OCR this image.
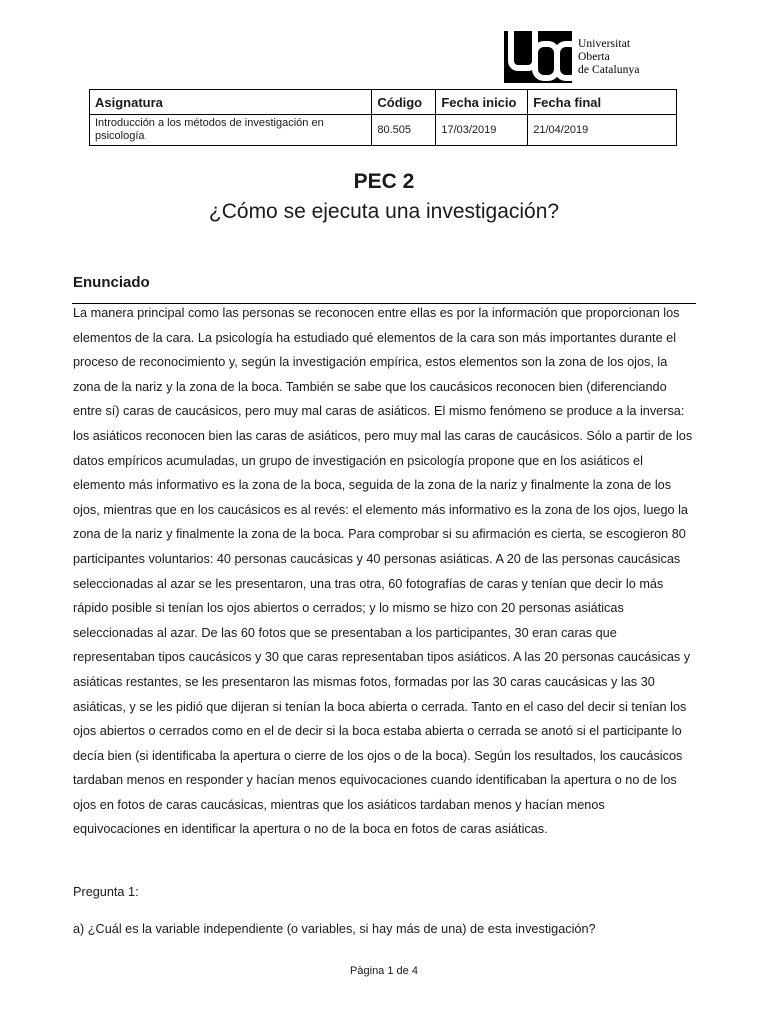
Universitat
Oberta
de Catalunya
Asignatura	Código	Fecha inicio	Fecha final
Introducción a los métodos de investigación en psicología	80.505	17/03/2019	21/04/2019
PEC 2
¿Cómo se ejecuta una investigación?
Enunciado
La manera principal como las personas se reconocen entre ellas es por la información que proporcionan los
elementos de la cara. La psicología ha estudiado qué elementos de la cara son más importantes durante el
proceso de reconocimiento y, según la investigación empírica, estos elementos son la zona de los ojos, la
zona de la nariz y la zona de la boca. También se sabe que los caucásicos reconocen bien (diferenciando
entre sí) caras de caucásicos, pero muy mal caras de asiáticos. El mismo fenómeno se produce a la inversa:
los asiáticos reconocen bien las caras de asiáticos, pero muy mal las caras de caucásicos. Sólo a partir de los
datos empíricos acumuladas, un grupo de investigación en psicología propone que en los asiáticos el
elemento más informativo es la zona de la boca, seguida de la zona de la nariz y finalmente la zona de los
ojos, mientras que en los caucásicos es al revés: el elemento más informativo es la zona de los ojos, luego la
zona de la nariz y finalmente la zona de la boca. Para comprobar si su afirmación es cierta, se escogieron 80
participantes voluntarios: 40 personas caucásicas y 40 personas asiáticas. A 20 de las personas caucásicas
seleccionadas al azar se les presentaron, una tras otra, 60 fotografías de caras y tenían que decir lo más
rápido posible si tenían los ojos abiertos o cerrados; y lo mismo se hizo con 20 personas asiáticas
seleccionadas al azar. De las 60 fotos que se presentaban a los participantes, 30 eran caras que
representaban tipos caucásicos y 30 que caras representaban tipos asiáticos. A las 20 personas caucásicas y
asiáticas restantes, se les presentaron las mismas fotos, formadas por las 30 caras caucásicas y las 30
asiáticas, y se les pidió que dijeran si tenían la boca abierta o cerrada. Tanto en el caso del decir si tenían los
ojos abiertos o cerrados como en el de decir si la boca estaba abierta o cerrada se anotó si el participante lo
decía bien (si identificaba la apertura o cierre de los ojos o de la boca). Según los resultados, los caucásicos
tardaban menos en responder y hacían menos equivocaciones cuando identificaban la apertura o no de los
ojos en fotos de caras caucásicas, mientras que los asiáticos tardaban menos y hacían menos
equivocaciones en identificar la apertura o no de la boca en fotos de caras asiáticas.
Pregunta 1:
a) ¿Cuál es la variable independiente (o variables, si hay más de una) de esta investigación?
Pàgina 1 de 4
